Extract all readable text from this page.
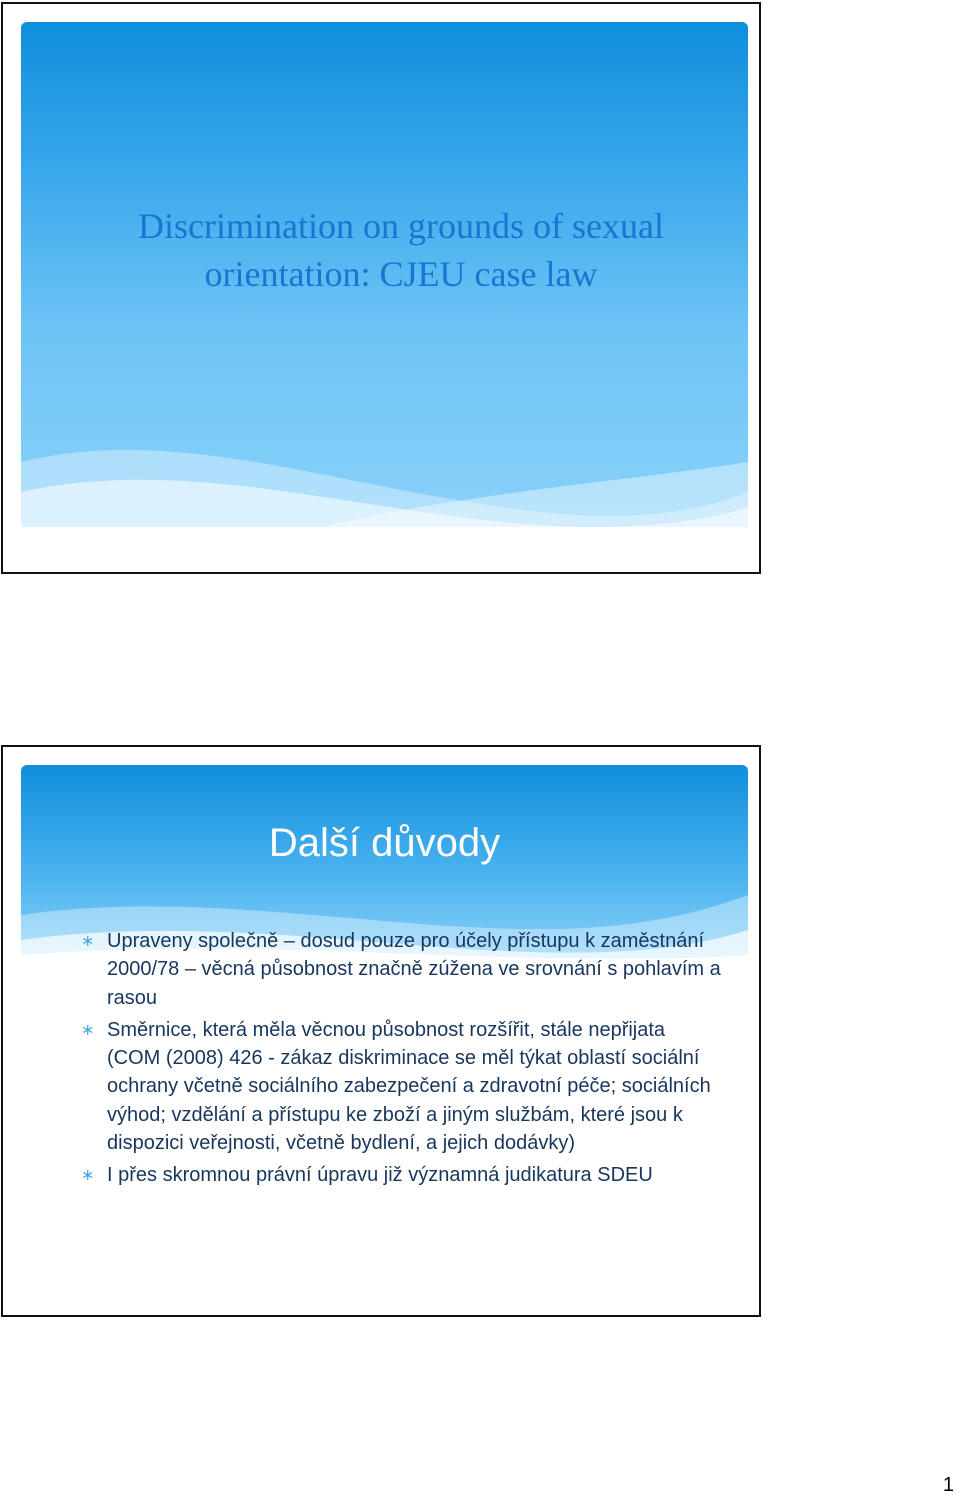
Discrimination on grounds of sexual
orientation: CJEU case law
Další důvody
∗ Upraveny společně – dosud pouze pro účely přístupu k zaměstnání 2000/78 – věcná působnost značně zúžena ve srovnání s pohlavím a rasou
∗ Směrnice, která měla věcnou působnost rozšířit, stále nepřijata (COM (2008) 426 - zákaz diskriminace se měl týkat oblastí sociální ochrany včetně sociálního zabezpečení a zdravotní péče; sociálních výhod; vzdělání a přístupu ke zboží a jiným službám, které jsou k dispozici veřejnosti, včetně bydlení, a jejich dodávky)
∗ I přes skromnou právní úpravu již významná judikatura SDEU
1
